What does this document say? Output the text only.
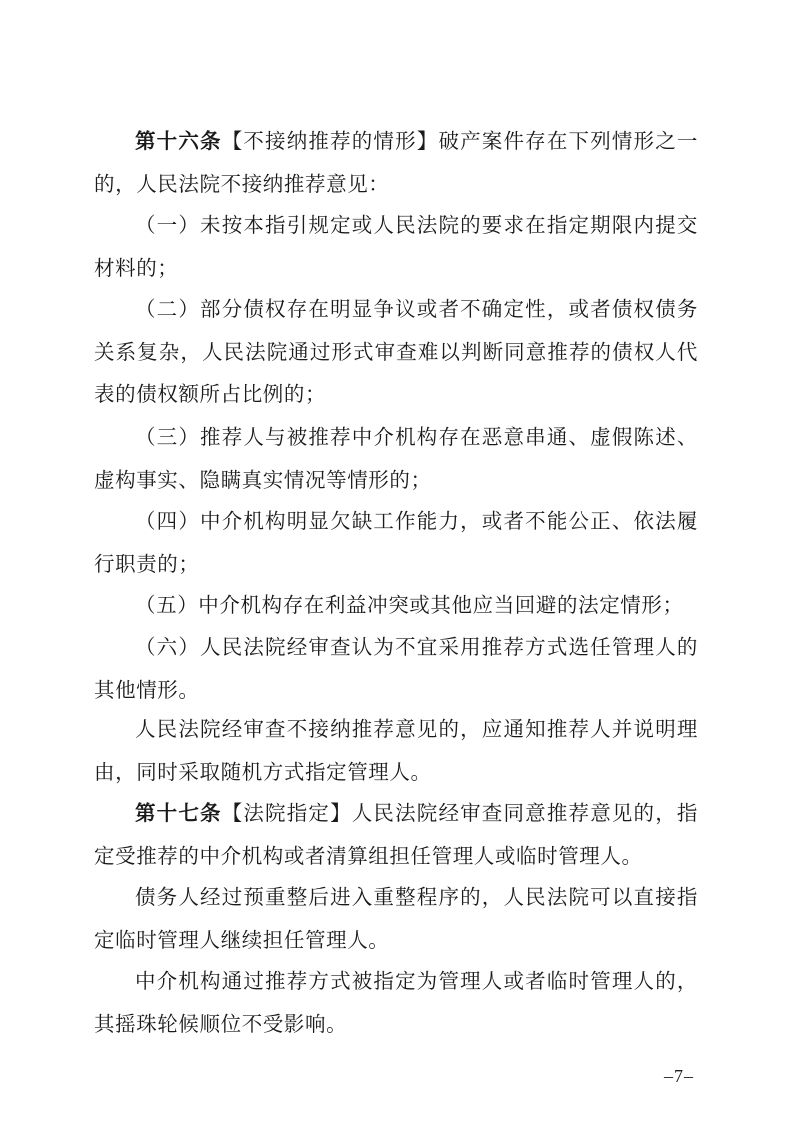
第十六条【不接纳推荐的情形】破产案件存在下列情形之一的，人民法院不接纳推荐意见：

（一）未按本指引规定或人民法院的要求在指定期限内提交材料的；

（二）部分债权存在明显争议或者不确定性，或者债权债务关系复杂，人民法院通过形式审查难以判断同意推荐的债权人代表的债权额所占比例的；

（三）推荐人与被推荐中介机构存在恶意串通、虚假陈述、虚构事实、隐瞒真实情况等情形的；

（四）中介机构明显欠缺工作能力，或者不能公正、依法履行职责的；

（五）中介机构存在利益冲突或其他应当回避的法定情形；

（六）人民法院经审查认为不宜采用推荐方式选任管理人的其他情形。

人民法院经审查不接纳推荐意见的，应通知推荐人并说明理由，同时采取随机方式指定管理人。

第十七条【法院指定】人民法院经审查同意推荐意见的，指定受推荐的中介机构或者清算组担任管理人或临时管理人。

债务人经过预重整后进入重整程序的，人民法院可以直接指定临时管理人继续担任管理人。

中介机构通过推荐方式被指定为管理人或者临时管理人的，其摇珠轮候顺位不受影响。

–7–
